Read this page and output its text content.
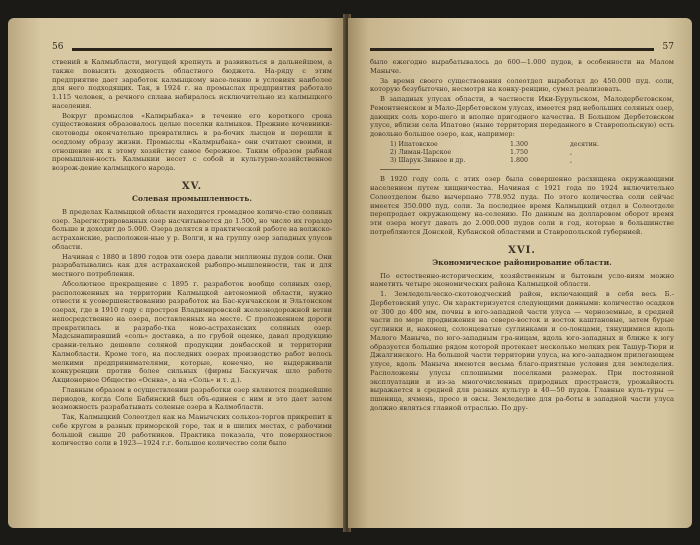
56

ствений в Калмыбласти, могущей крепнуть и развиваться в дальнейшем, а также повысить доходность областного бюджета. На-ряду с этим предприятие дает заработок калмыцкому насе-лению в условиях наиболее для него подходящих. Так, в 1924 г. на промыслах предприятия работало 1.115 человек, а речного сплава набиралось исключительно из калмыцкого населения.

Вокруг промыслов «Калмрыбака» в течение его короткого срока существования образовалось целые поселки калмыков. Прежние кочевники-скотоводы окончательно превратились в ра-бочих лысцов и перешли к оседлому образу жизни. Промыслы «Калмрыбака» они считают своими, и отношение их к этому хозяйству самое бережное. Таким образом рыбная промышлен-ность Калмыкии несет с собой и культурно-хозяйственное возрож-дение калмыцкого народа.

XV.
Солевая промышленность.

В пределах Калмыцкой области находится громадное количе-ство соляных озер. Зарегистрированных озер насчитывается до 1.500, но число их гораздо больше и доходит до 5.000. Озера делятся в практической работе на волжско-астраханские, расположен-ные у р. Волги, и на группу озер западных улусов области.

Начиная с 1880 и 1890 годов эти озера давали миллионы пудов соли. Они разрабатывались как для астраханской рыбопро-мышленности, так и для местного потребления.

Абсолютное прекращение с 1895 г. разработок вообще соляных озер, расположенных на территории Калмыцкой автономной области, нужно отнести к усовершенствованию разработок на Бас-кунчакском и Эльтонском озерах, где в 1910 году с простроя Владимировской железнодорожной ветви непосредственно на озера, поставленных на месте. С проложением дороги прекратилась и разрабо-тка ново-астраханских соляных озер. Мадсынапиравший «соль» доставка, а по грубой оценке, давал продукцию сравни-тельно дешевле соляной продукции донбасской и территории Калмобласти. Кроме того, на последних озерах производство работ велось мелкими предпринимателями, которые, конечно, не выдерживали конкуренции против более сильных (фирмы Баскунчак шло работе Акционерное Общество «Оснва», а на «Соль» и т. д.).

Главным образом в осуществлении разработки озер являются позднейшие периодов, когда Соле Бабинский был объ-единен с ним и это дает затем возможность разрабатывать соленые озера в Калмобласти.

Так, Калмыцкий Солеотдел как на Манычских сольхоз-торгов прикрепит к себе кругом в разных приморской горе, так и в шилих местах, с рабочими большой свыше 20 работников. Практика показала, что поверхностное количество соли в 1923—1924 г.г. большое количество соли было

57

было ежегодно вырабатывалось до 600—1.000 пудов, в особенности на Малом Маныче.

За время своего существования солеотдел выработал до 450.000 пуд. соли, которую безубыточно, несмотря на конку-ренцию, сумел реализовать.

В западных улусах области, в частности Ики-Бурульском, Малодербетовском, Ремонтненском и Мало-Дербетовском улусах, имеется ряд небольших соляных озер, дающих соль хоро-шего и вполне пригодного качества. В Большом Дербетовском улусе, вблизи села Ипатово (ныне территория переданного в Ставропольскую) есть довольно большое озеро, как, например:

1) Ипатовское	1.300	десятин.
2) Лиман-Царское	1.750	,
3) Шарук-Зинное и др.	1.800	,

В 1920 году соль с этих озер была совершенно расхищена окружающими населением путем хищничества. Начиная с 1921 года по 1924 включительно Солеотделом было вычерпано 778.952 пуда. По этого количества соли сейчас имеется 350.000 пуд. соли. За последнее время Калмыцкий отдел в Солеотделе перепродает окружающему на-селению. По данным на долларовом оборот время эти озера могут давать до 2.000.000 пудов соли в год, которые в большинстве потребляются Донской, Кубанской областями и Ставропольской губернией.

XVI.
Экономическое районирование области.

По естественно-историческим, хозяйственным и бытовым усло-виям можно наметить четыре экономических района Калмыцкой области.

1. Земледельческо-скотоводческий район, включающий в себя весь Б.-Дербетовский улус. Он характеризуется следующими данными: количество осадков от 300 до 400 мм, почвы в юго-западной части улуса — черноземные, в средней части по мере продвижения на северо-восток и восток каштановые, затем бурые суглинки и, наконец, солонцеватые суглинками и со-лонцами, тянущимися вдоль Малого Маныча, по юго-западным гра-ницам, вдоль юго-западных и ближе к югу образуется большие рядом которой протекает несколько мелких рек Ташур-Тюри и Джалгинского. На большой части территории улуса, на юго-западном прилегающем улусе, вдоль Маныча имеются весьма благо-приятные условия для земледелия. Расположены улусы сплошными поселками размерах. При постоянной эксплуатации и из-за многочисленных природных пространств, урожайность выражается в средней для разных культур в 40—50 пудов. Главные куль-туры — пшеница, ячмень, просо и овсы. Земледелие для ра-боты в западной части улуса должно являться главной отраслью. По дру-
